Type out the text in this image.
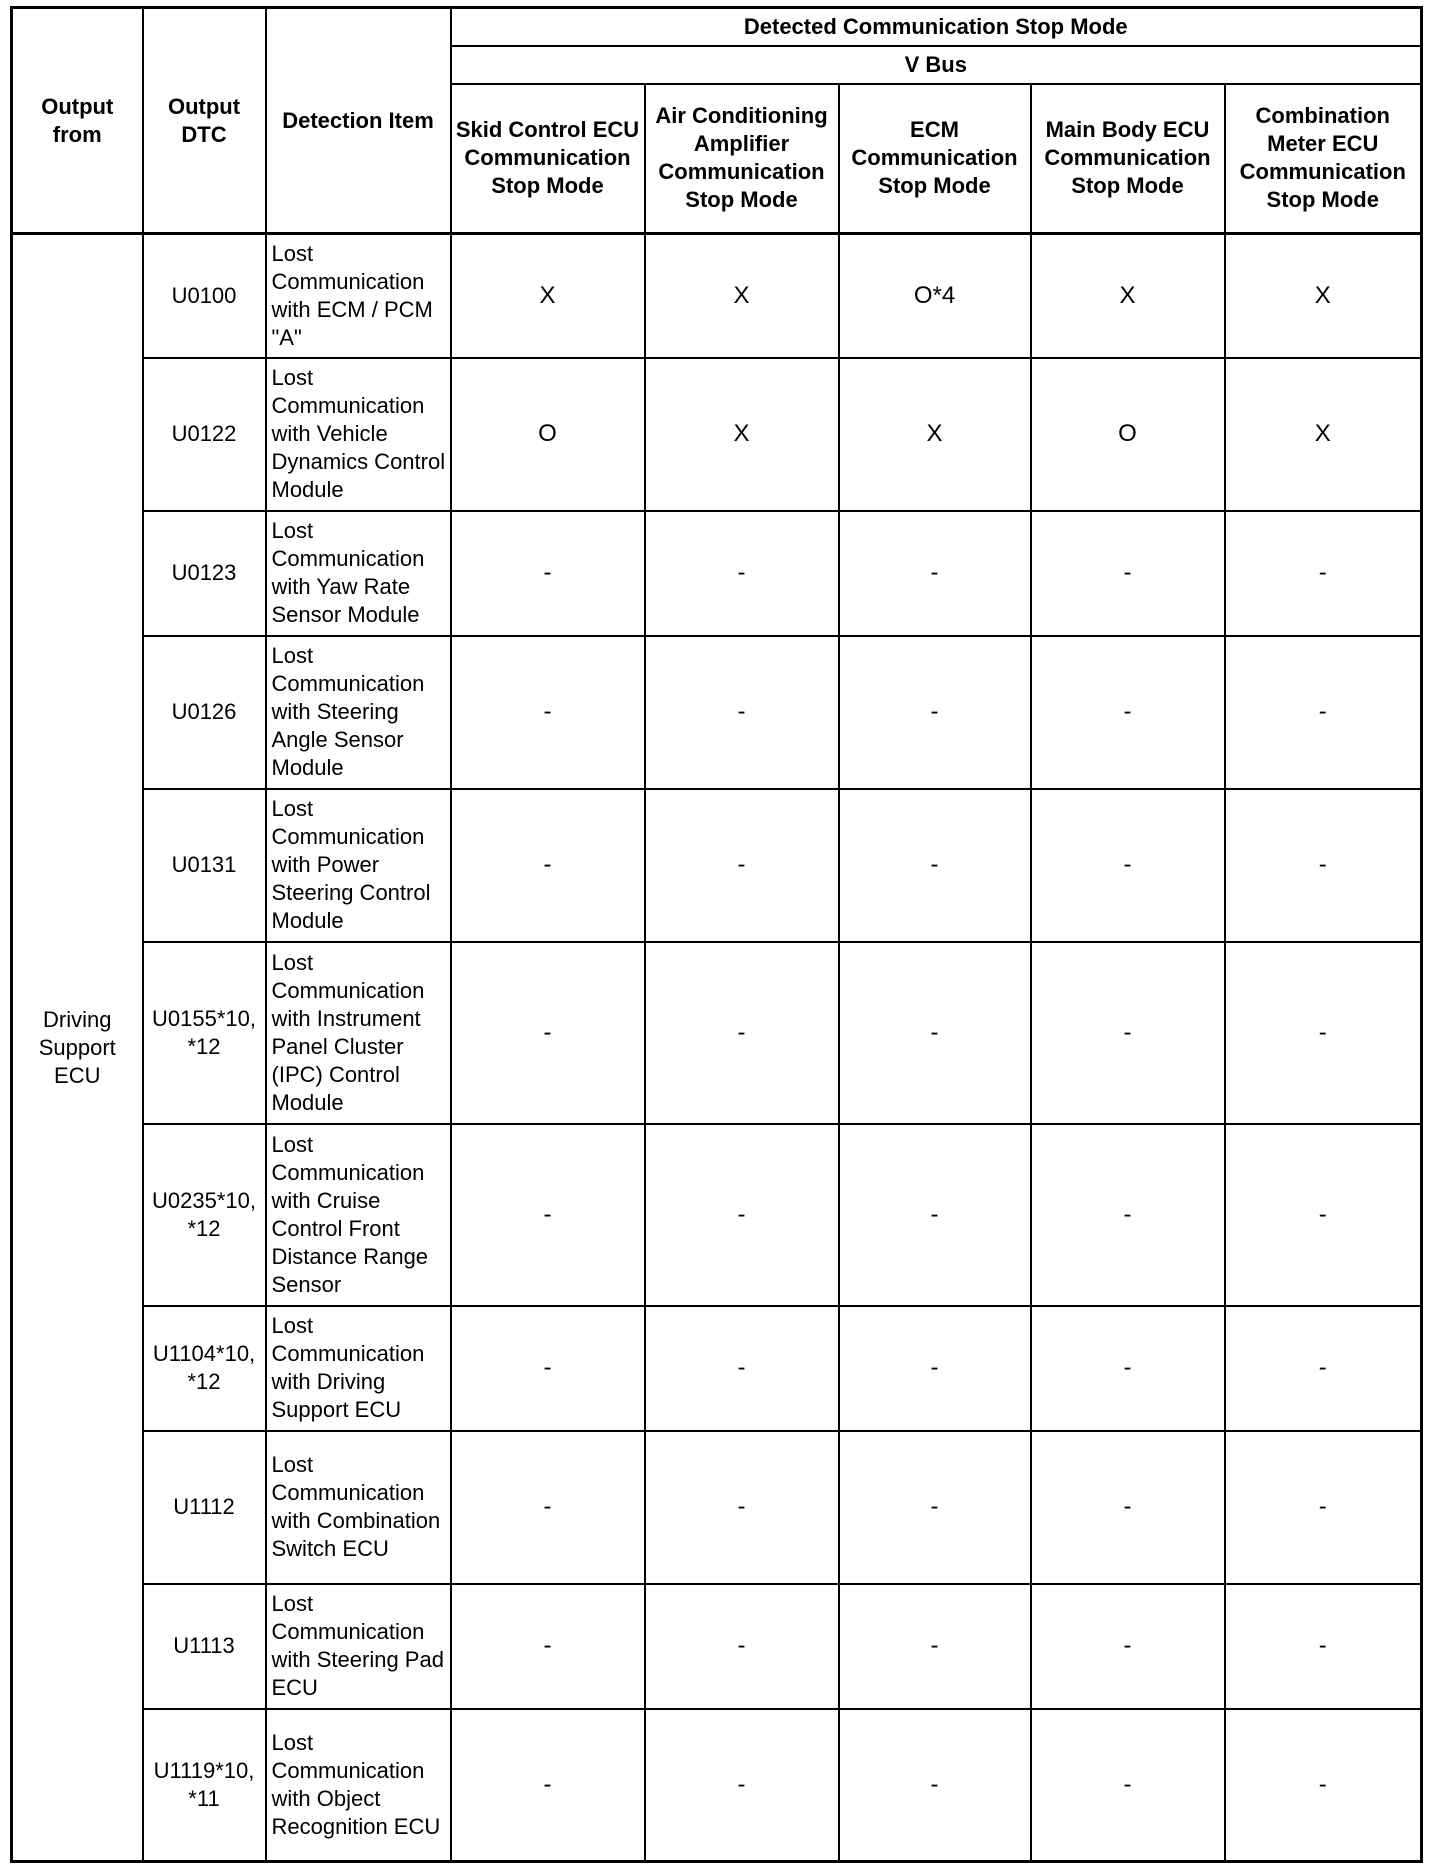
Output from	Output DTC	Detection Item	Detected Communication Stop Mode				
			V Bus				
			Skid Control ECU Communication Stop Mode	Air Conditioning Amplifier Communication Stop Mode	ECM Communication Stop Mode	Main Body ECU Communication Stop Mode	Combination Meter ECU Communication Stop Mode

Driving Support ECU	U0100	Lost Communication with ECM / PCM "A"	X	X	O*4	X	X
	U0122	Lost Communication with Vehicle Dynamics Control Module	O	X	X	O	X
	U0123	Lost Communication with Yaw Rate Sensor Module	-	-	-	-	-
	U0126	Lost Communication with Steering Angle Sensor Module	-	-	-	-	-
	U0131	Lost Communication with Power Steering Control Module	-	-	-	-	-
	U0155*10, *12	Lost Communication with Instrument Panel Cluster (IPC) Control Module	-	-	-	-	-
	U0235*10, *12	Lost Communication with Cruise Control Front Distance Range Sensor	-	-	-	-	-
	U1104*10, *12	Lost Communication with Driving Support ECU	-	-	-	-	-
	U1112	Lost Communication with Combination Switch ECU	-	-	-	-	-
	U1113	Lost Communication with Steering Pad ECU	-	-	-	-	-
	U1119*10, *11	Lost Communication with Object Recognition ECU	-	-	-	-	-
